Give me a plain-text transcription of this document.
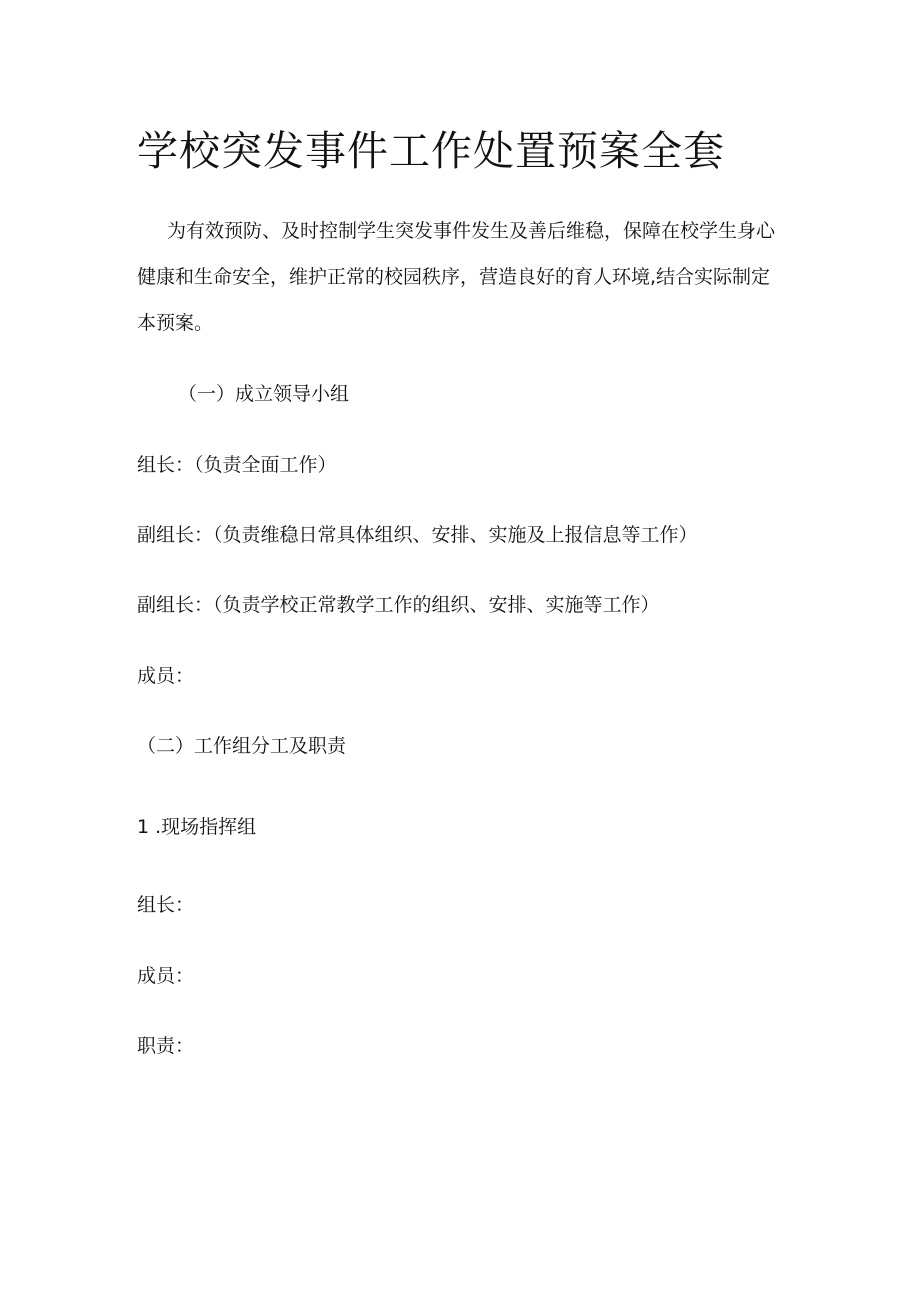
学校突发事件工作处置预案全套
为有效预防、及时控制学生突发事件发生及善后维稳，保障在校学生身心健康和生命安全，维护正常的校园秩序，营造良好的育人环境,结合实际制定本预案。
（一）成立领导小组
组长：（负责全面工作）
副组长：（负责维稳日常具体组织、安排、实施及上报信息等工作）
副组长：（负责学校正常教学工作的组织、安排、实施等工作）
成员：
（二）工作组分工及职责
1 .现场指挥组
组长：
成员：
职责：
